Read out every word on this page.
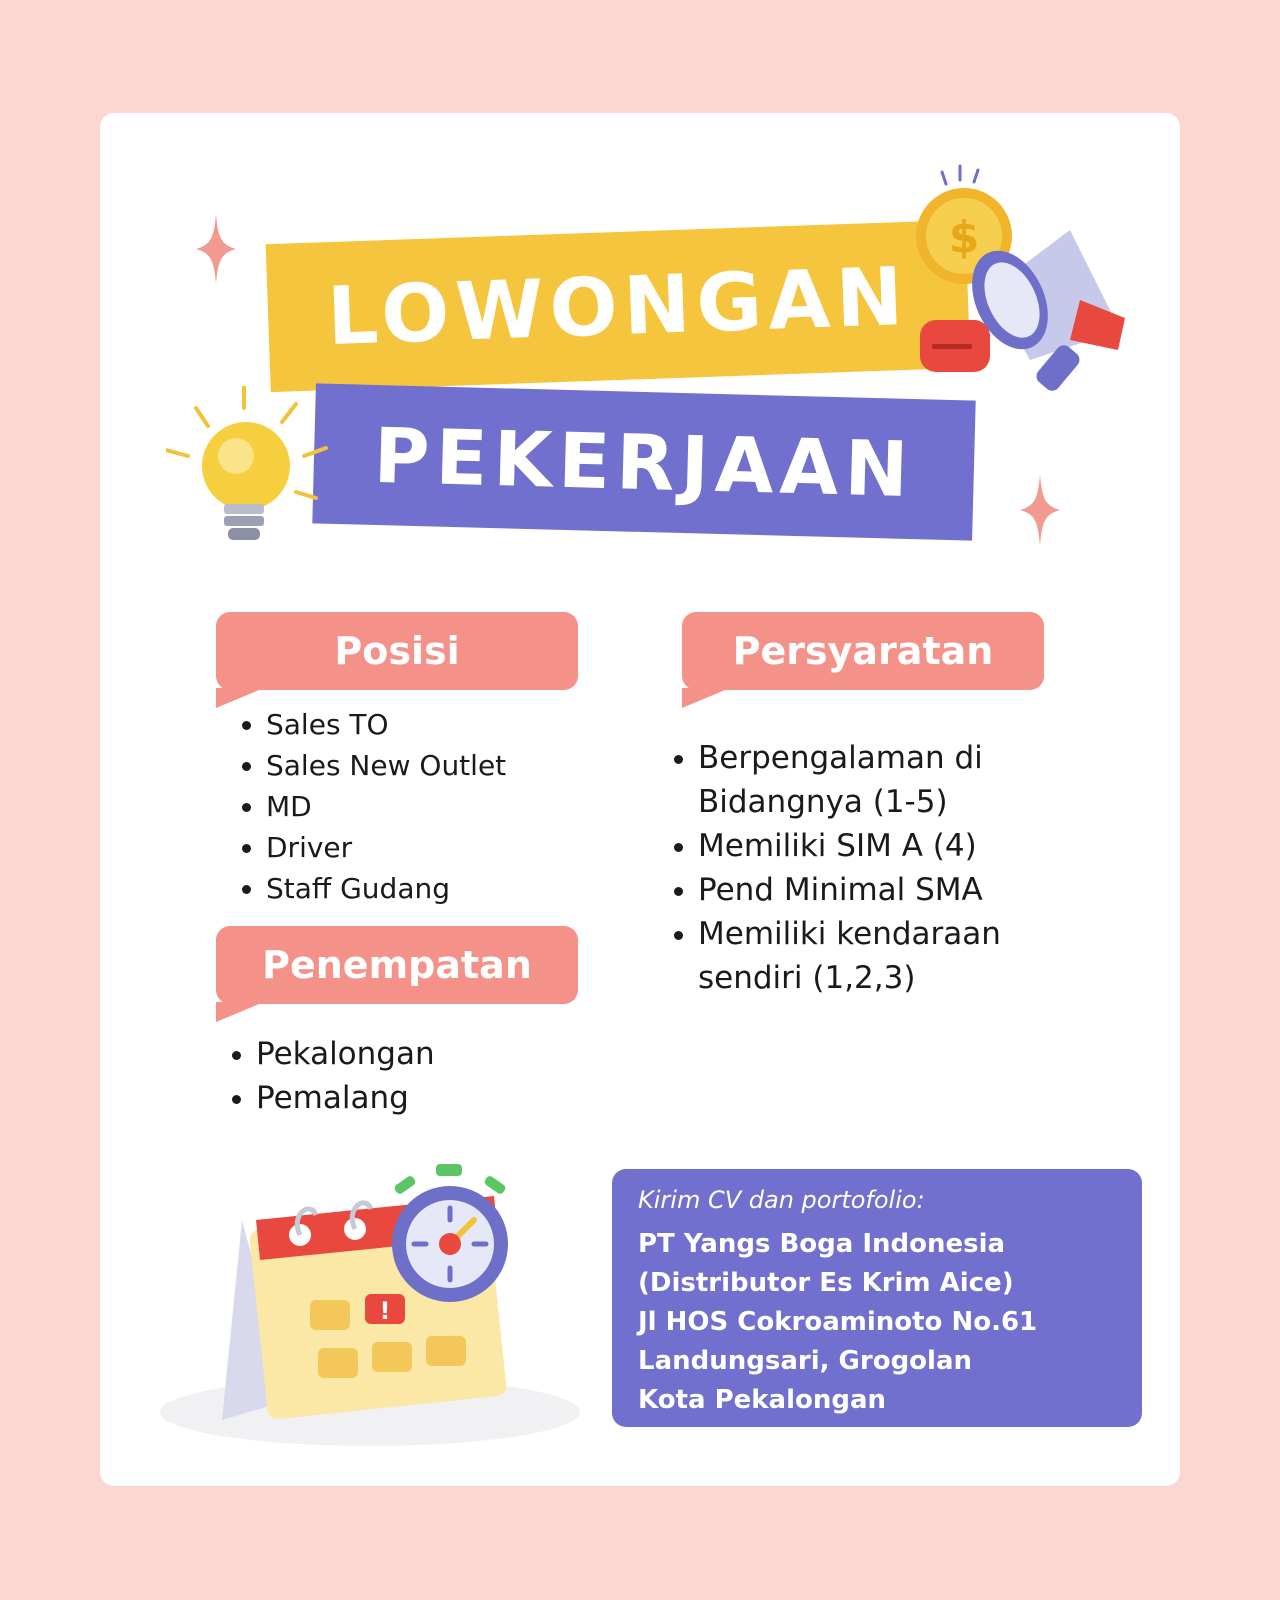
LOWONGAN
PEKERJAAN
$
Posisi
Sales TO
Sales New Outlet
MD
Driver
Staff Gudang
Penempatan
Pekalongan
Pemalang
Persyaratan
Berpengalaman di Bidangnya (1-5)
Memiliki SIM A (4)
Pend Minimal SMA
Memiliki kendaraan sendiri (1,2,3)
!
Kirim CV dan portofolio:
PT Yangs Boga Indonesia
(Distributor Es Krim Aice)
Jl HOS Cokroaminoto No.61
Landungsari, Grogolan
Kota Pekalongan
